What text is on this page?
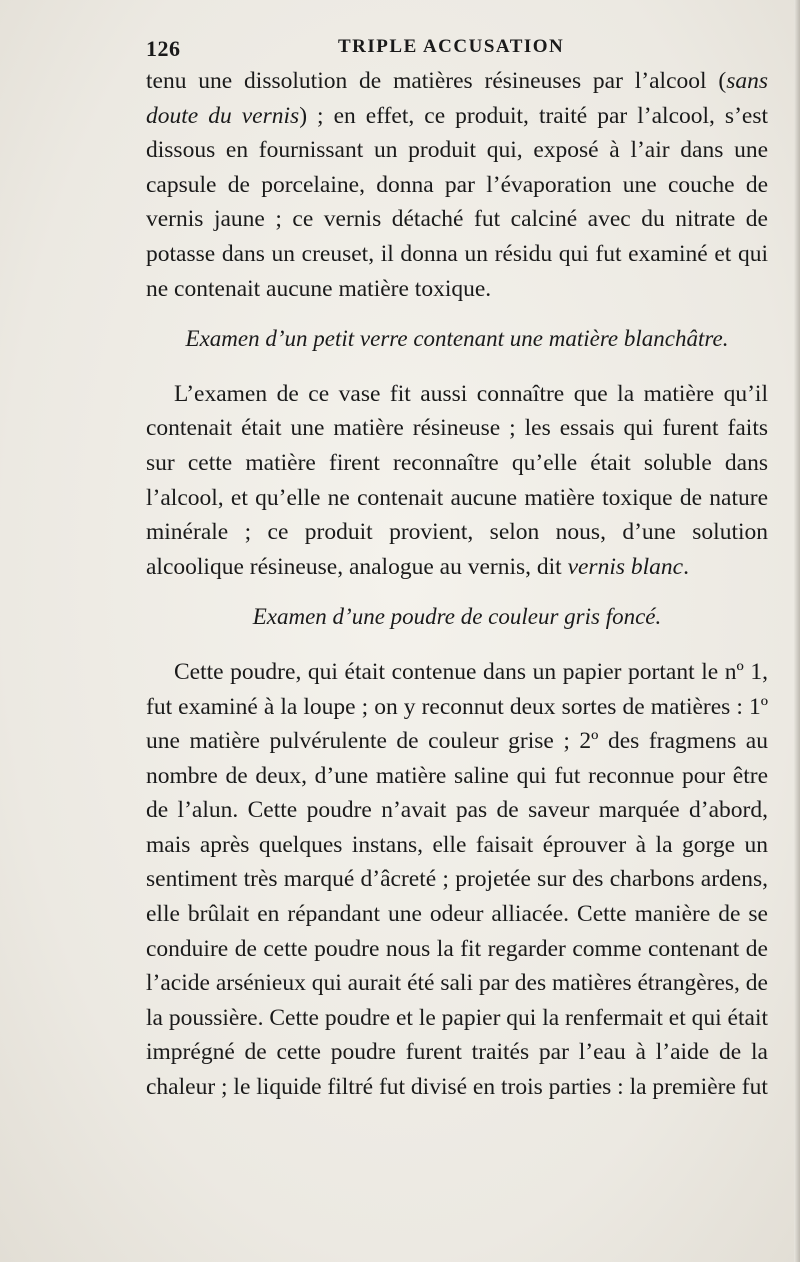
126	TRIPLE ACCUSATION

tenu une dissolution de matières résineuses par l’alcool (sans doute du vernis) ; en effet, ce produit, traité par l’alcool, s’est dissous en fournissant un produit qui, exposé à l’air dans une capsule de porcelaine, donna par l’évaporation une couche de vernis jaune ; ce vernis détaché fut calciné avec du nitrate de potasse dans un creuset, il donna un résidu qui fut examiné et qui ne contenait aucune matière toxique.

Examen d’un petit verre contenant une matière blanchâtre.

L’examen de ce vase fit aussi connaître que la matière qu’il contenait était une matière résineuse ; les essais qui furent faits sur cette matière firent reconnaître qu’elle était soluble dans l’alcool, et qu’elle ne contenait aucune matière toxique de nature minérale ; ce produit provient, selon nous, d’une solution alcoolique résineuse, analogue au vernis, dit vernis blanc.

Examen d’une poudre de couleur gris foncé.

Cette poudre, qui était contenue dans un papier portant le nº 1, fut examiné à la loupe ; on y reconnut deux sortes de matières : 1º une matière pulvérulente de couleur grise ; 2º des fragmens au nombre de deux, d’une matière saline qui fut reconnue pour être de l’alun. Cette poudre n’avait pas de saveur marquée d’abord, mais après quelques instans, elle faisait éprouver à la gorge un sentiment très marqué d’âcreté ; projetée sur des charbons ardens, elle brûlait en répandant une odeur alliacée. Cette manière de se conduire de cette poudre nous la fit regarder comme contenant de l’acide arsénieux qui aurait été sali par des matières étrangères, de la poussière. Cette poudre et le papier qui la renfermait et qui était imprégné de cette poudre furent traités par l’eau à l’aide de la chaleur ; le liquide filtré fut divisé en trois parties : la première fut
